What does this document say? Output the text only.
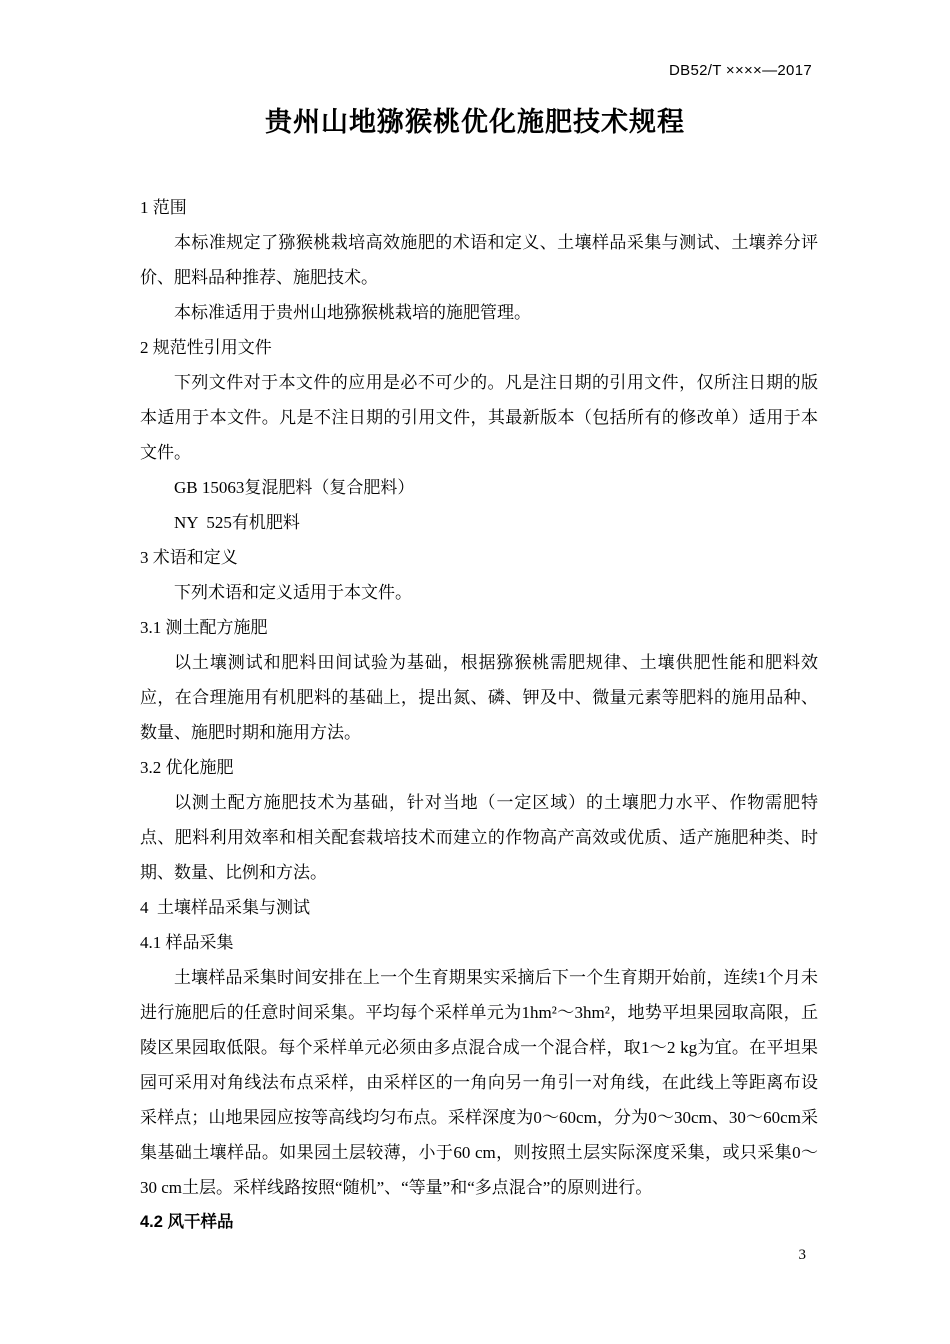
DB52/T ××××—2017
贵州山地猕猴桃优化施肥技术规程
1 范围
本标准规定了猕猴桃栽培高效施肥的术语和定义、土壤样品采集与测试、土壤养分评价、肥料品种推荐、施肥技术。
本标准适用于贵州山地猕猴桃栽培的施肥管理。
2 规范性引用文件
下列文件对于本文件的应用是必不可少的。凡是注日期的引用文件，仅所注日期的版本适用于本文件。凡是不注日期的引用文件，其最新版本（包括所有的修改单）适用于本文件。
GB 15063复混肥料（复合肥料）
NY  525有机肥料
3 术语和定义
下列术语和定义适用于本文件。
3.1 测土配方施肥
以土壤测试和肥料田间试验为基础，根据猕猴桃需肥规律、土壤供肥性能和肥料效应，在合理施用有机肥料的基础上，提出氮、磷、钾及中、微量元素等肥料的施用品种、数量、施肥时期和施用方法。
3.2 优化施肥
以测土配方施肥技术为基础，针对当地（一定区域）的土壤肥力水平、作物需肥特点、肥料利用效率和相关配套栽培技术而建立的作物高产高效或优质、适产施肥种类、时期、数量、比例和方法。
4  土壤样品采集与测试
4.1 样品采集
土壤样品采集时间安排在上一个生育期果实采摘后下一个生育期开始前，连续1个月未进行施肥后的任意时间采集。平均每个采样单元为1hm²～3hm²，地势平坦果园取高限，丘陵区果园取低限。每个采样单元必须由多点混合成一个混合样，取1～2 kg为宜。在平坦果园可采用对角线法布点采样，由采样区的一角向另一角引一对角线，在此线上等距离布设采样点；山地果园应按等高线均匀布点。采样深度为0～60cm，分为0～30cm、30～60cm采集基础土壤样品。如果园土层较薄，小于60 cm，则按照土层实际深度采集，或只采集0～30 cm土层。采样线路按照“随机”、“等量”和“多点混合”的原则进行。
4.2 风干样品
3
